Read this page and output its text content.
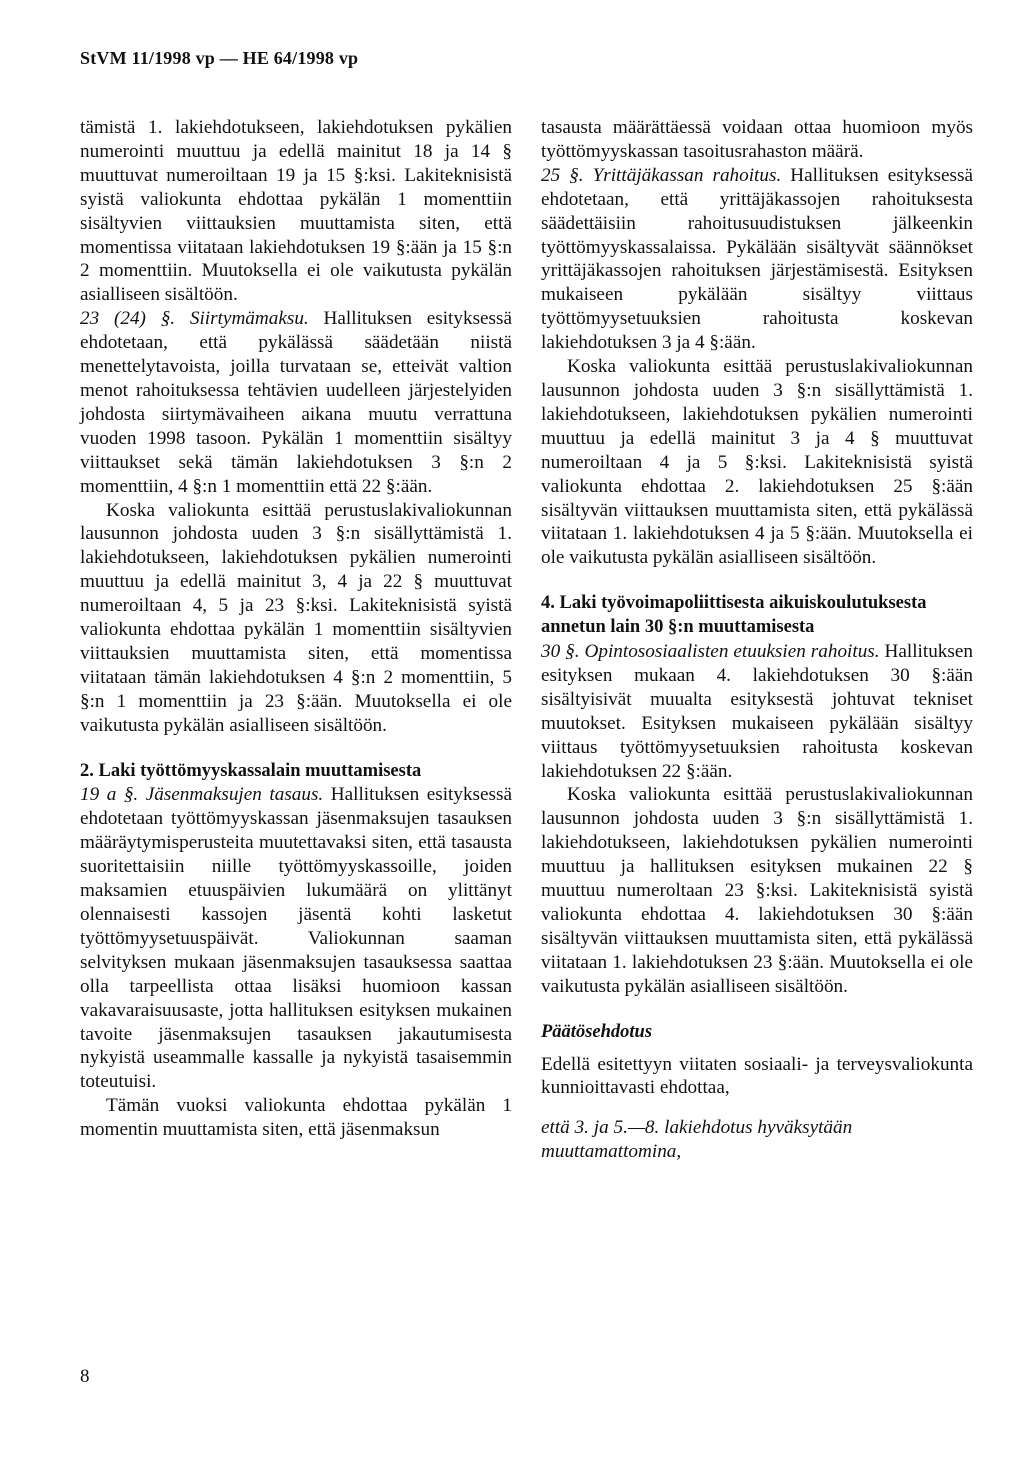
StVM 11/1998 vp — HE 64/1998 vp

tämistä 1. lakiehdotukseen, lakiehdotuksen pykälien numerointi muuttuu ja edellä mainitut 18 ja 14 § muuttuvat numeroiltaan 19 ja 15 §:ksi. Lakiteknisistä syistä valiokunta ehdottaa pykälän 1 momenttiin sisältyvien viittauksien muuttamista siten, että momentissa viitataan lakiehdotuksen 19 §:ään ja 15 §:n 2 momenttiin. Muutoksella ei ole vaikutusta pykälän asialliseen sisältöön.

23 (24) §. Siirtymämaksu. Hallituksen esityksessä ehdotetaan, että pykälässä säädetään niistä menettelytavoista, joilla turvataan se, etteivät valtion menot rahoituksessa tehtävien uudelleen järjestelyiden johdosta siirtymävaiheen aikana muutu verrattuna vuoden 1998 tasoon. Pykälän 1 momenttiin sisältyy viittaukset sekä tämän lakiehdotuksen 3 §:n 2 momenttiin, 4 §:n 1 momenttiin että 22 §:ään.

Koska valiokunta esittää perustuslakivaliokunnan lausunnon johdosta uuden 3 §:n sisällyttämistä 1. lakiehdotukseen, lakiehdotuksen pykälien numerointi muuttuu ja edellä mainitut 3, 4 ja 22 § muuttuvat numeroiltaan 4, 5 ja 23 §:ksi. Lakiteknisistä syistä valiokunta ehdottaa pykälän 1 momenttiin sisältyvien viittauksien muuttamista siten, että momentissa viitataan tämän lakiehdotuksen 4 §:n 2 momenttiin, 5 §:n 1 momenttiin ja 23 §:ään. Muutoksella ei ole vaikutusta pykälän asialliseen sisältöön.

2. Laki työttömyyskassalain muuttamisesta

19 a §. Jäsenmaksujen tasaus. Hallituksen esityksessä ehdotetaan työttömyyskassan jäsenmaksujen tasauksen määräytymisperusteita muutettavaksi siten, että tasausta suoritettaisiin niille työttömyyskassoille, joiden maksamien etuuspäivien lukumäärä on ylittänyt olennaisesti kassojen jäsentä kohti lasketut työttömyysetuuspäivät. Valiokunnan saaman selvityksen mukaan jäsenmaksujen tasauksessa saattaa olla tarpeellista ottaa lisäksi huomioon kassan vakavaraisuusaste, jotta hallituksen esityksen mukainen tavoite jäsenmaksujen tasauksen jakautumisesta nykyistä useammalle kassalle ja nykyistä tasaisemmin toteutuisi.

Tämän vuoksi valiokunta ehdottaa pykälän 1 momentin muuttamista siten, että jäsenmaksun

tasausta määrättäessä voidaan ottaa huomioon myös työttömyyskassan tasoitusrahaston määrä.

25 §. Yrittäjäkassan rahoitus. Hallituksen esityksessä ehdotetaan, että yrittäjäkassojen rahoituksesta säädettäisiin rahoitusuudistuksen jälkeenkin työttömyyskassalaissa. Pykälään sisältyvät säännökset yrittäjäkassojen rahoituksen järjestämisestä. Esityksen mukaiseen pykälään sisältyy viittaus työttömyysetuuksien rahoitusta koskevan lakiehdotuksen 3 ja 4 §:ään.

Koska valiokunta esittää perustuslakivaliokunnan lausunnon johdosta uuden 3 §:n sisällyttämistä 1. lakiehdotukseen, lakiehdotuksen pykälien numerointi muuttuu ja edellä mainitut 3 ja 4 § muuttuvat numeroiltaan 4 ja 5 §:ksi. Lakiteknisistä syistä valiokunta ehdottaa 2. lakiehdotuksen 25 §:ään sisältyvän viittauksen muuttamista siten, että pykälässä viitataan 1. lakiehdotuksen 4 ja 5 §:ään. Muutoksella ei ole vaikutusta pykälän asialliseen sisältöön.

4. Laki työvoimapoliittisesta aikuiskoulutuksesta annetun lain 30 §:n muuttamisesta

30 §. Opintososiaalisten etuuksien rahoitus. Hallituksen esityksen mukaan 4. lakiehdotuksen 30 §:ään sisältyisivät muualta esityksestä johtuvat tekniset muutokset. Esityksen mukaiseen pykälään sisältyy viittaus työttömyysetuuksien rahoitusta koskevan lakiehdotuksen 22 §:ään.

Koska valiokunta esittää perustuslakivaliokunnan lausunnon johdosta uuden 3 §:n sisällyttämistä 1. lakiehdotukseen, lakiehdotuksen pykälien numerointi muuttuu ja hallituksen esityksen mukainen 22 § muuttuu numeroltaan 23 §:ksi. Lakiteknisistä syistä valiokunta ehdottaa 4. lakiehdotuksen 30 §:ään sisältyvän viittauksen muuttamista siten, että pykälässä viitataan 1. lakiehdotuksen 23 §:ään. Muutoksella ei ole vaikutusta pykälän asialliseen sisältöön.

Päätösehdotus

Edellä esitettyyn viitaten sosiaali- ja terveysvaliokunta kunnioittavasti ehdottaa,

että 3. ja 5.—8. lakiehdotus hyväksytään muuttamattomina,

8
